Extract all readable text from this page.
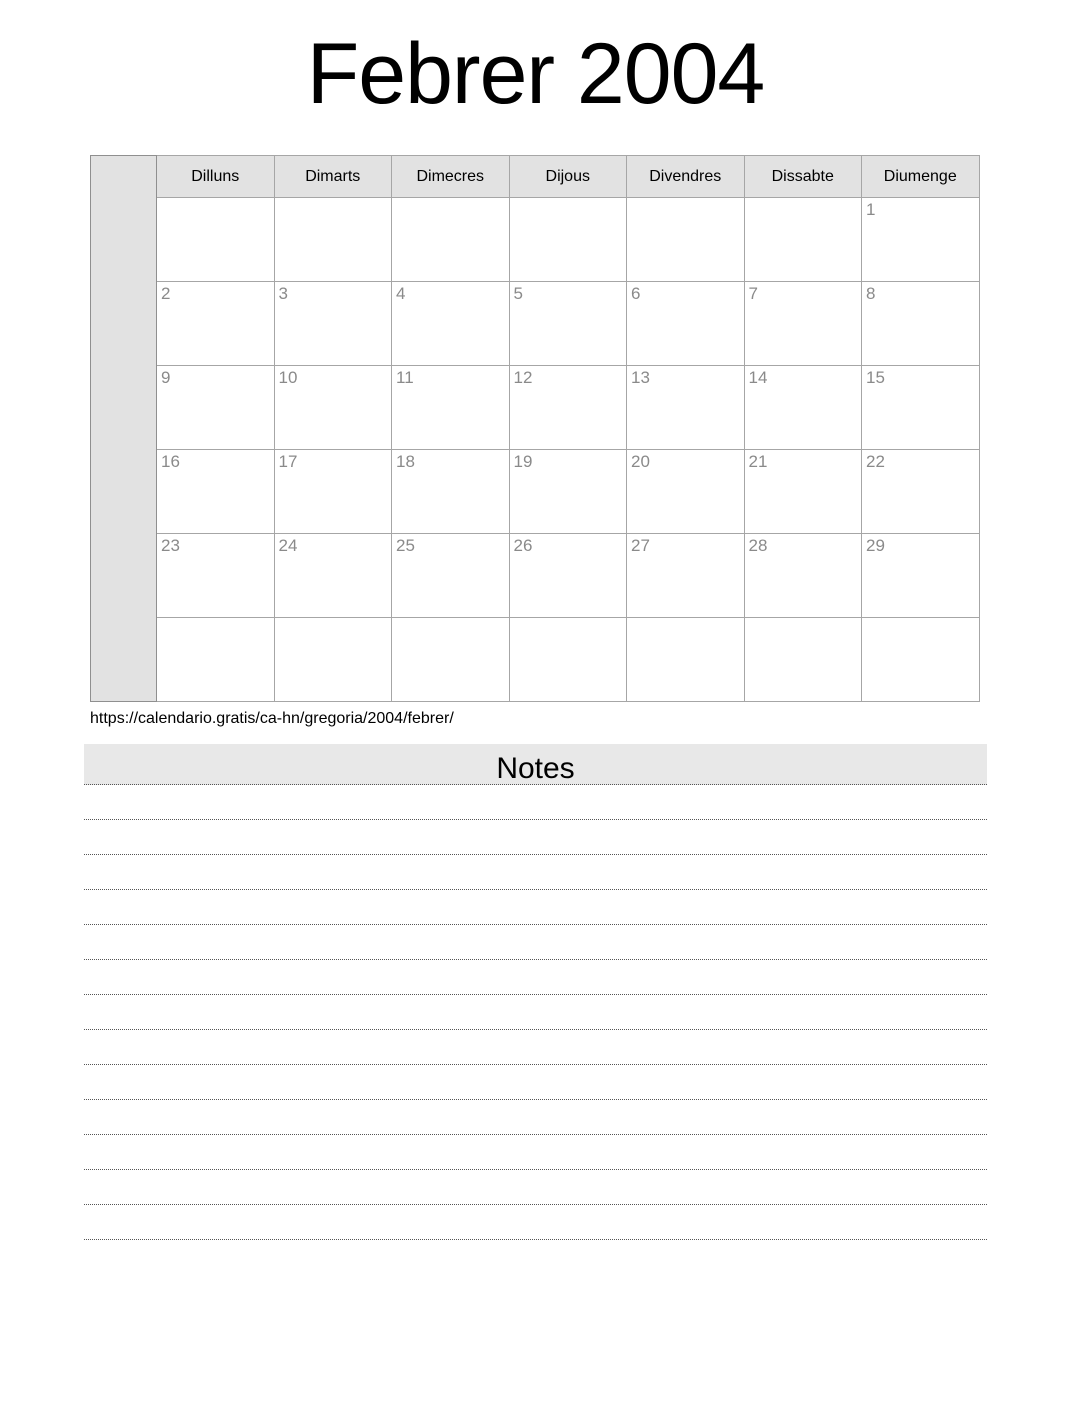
Febrer 2004
	Dilluns	Dimarts	Dimecres	Dijous	Divendres	Dissabte	Diumenge
							1
	2	3	4	5	6	7	8
	9	10	11	12	13	14	15
	16	17	18	19	20	21	22
	23	24	25	26	27	28	29

https://calendario.gratis/ca-hn/gregoria/2004/febrer/
Notes
